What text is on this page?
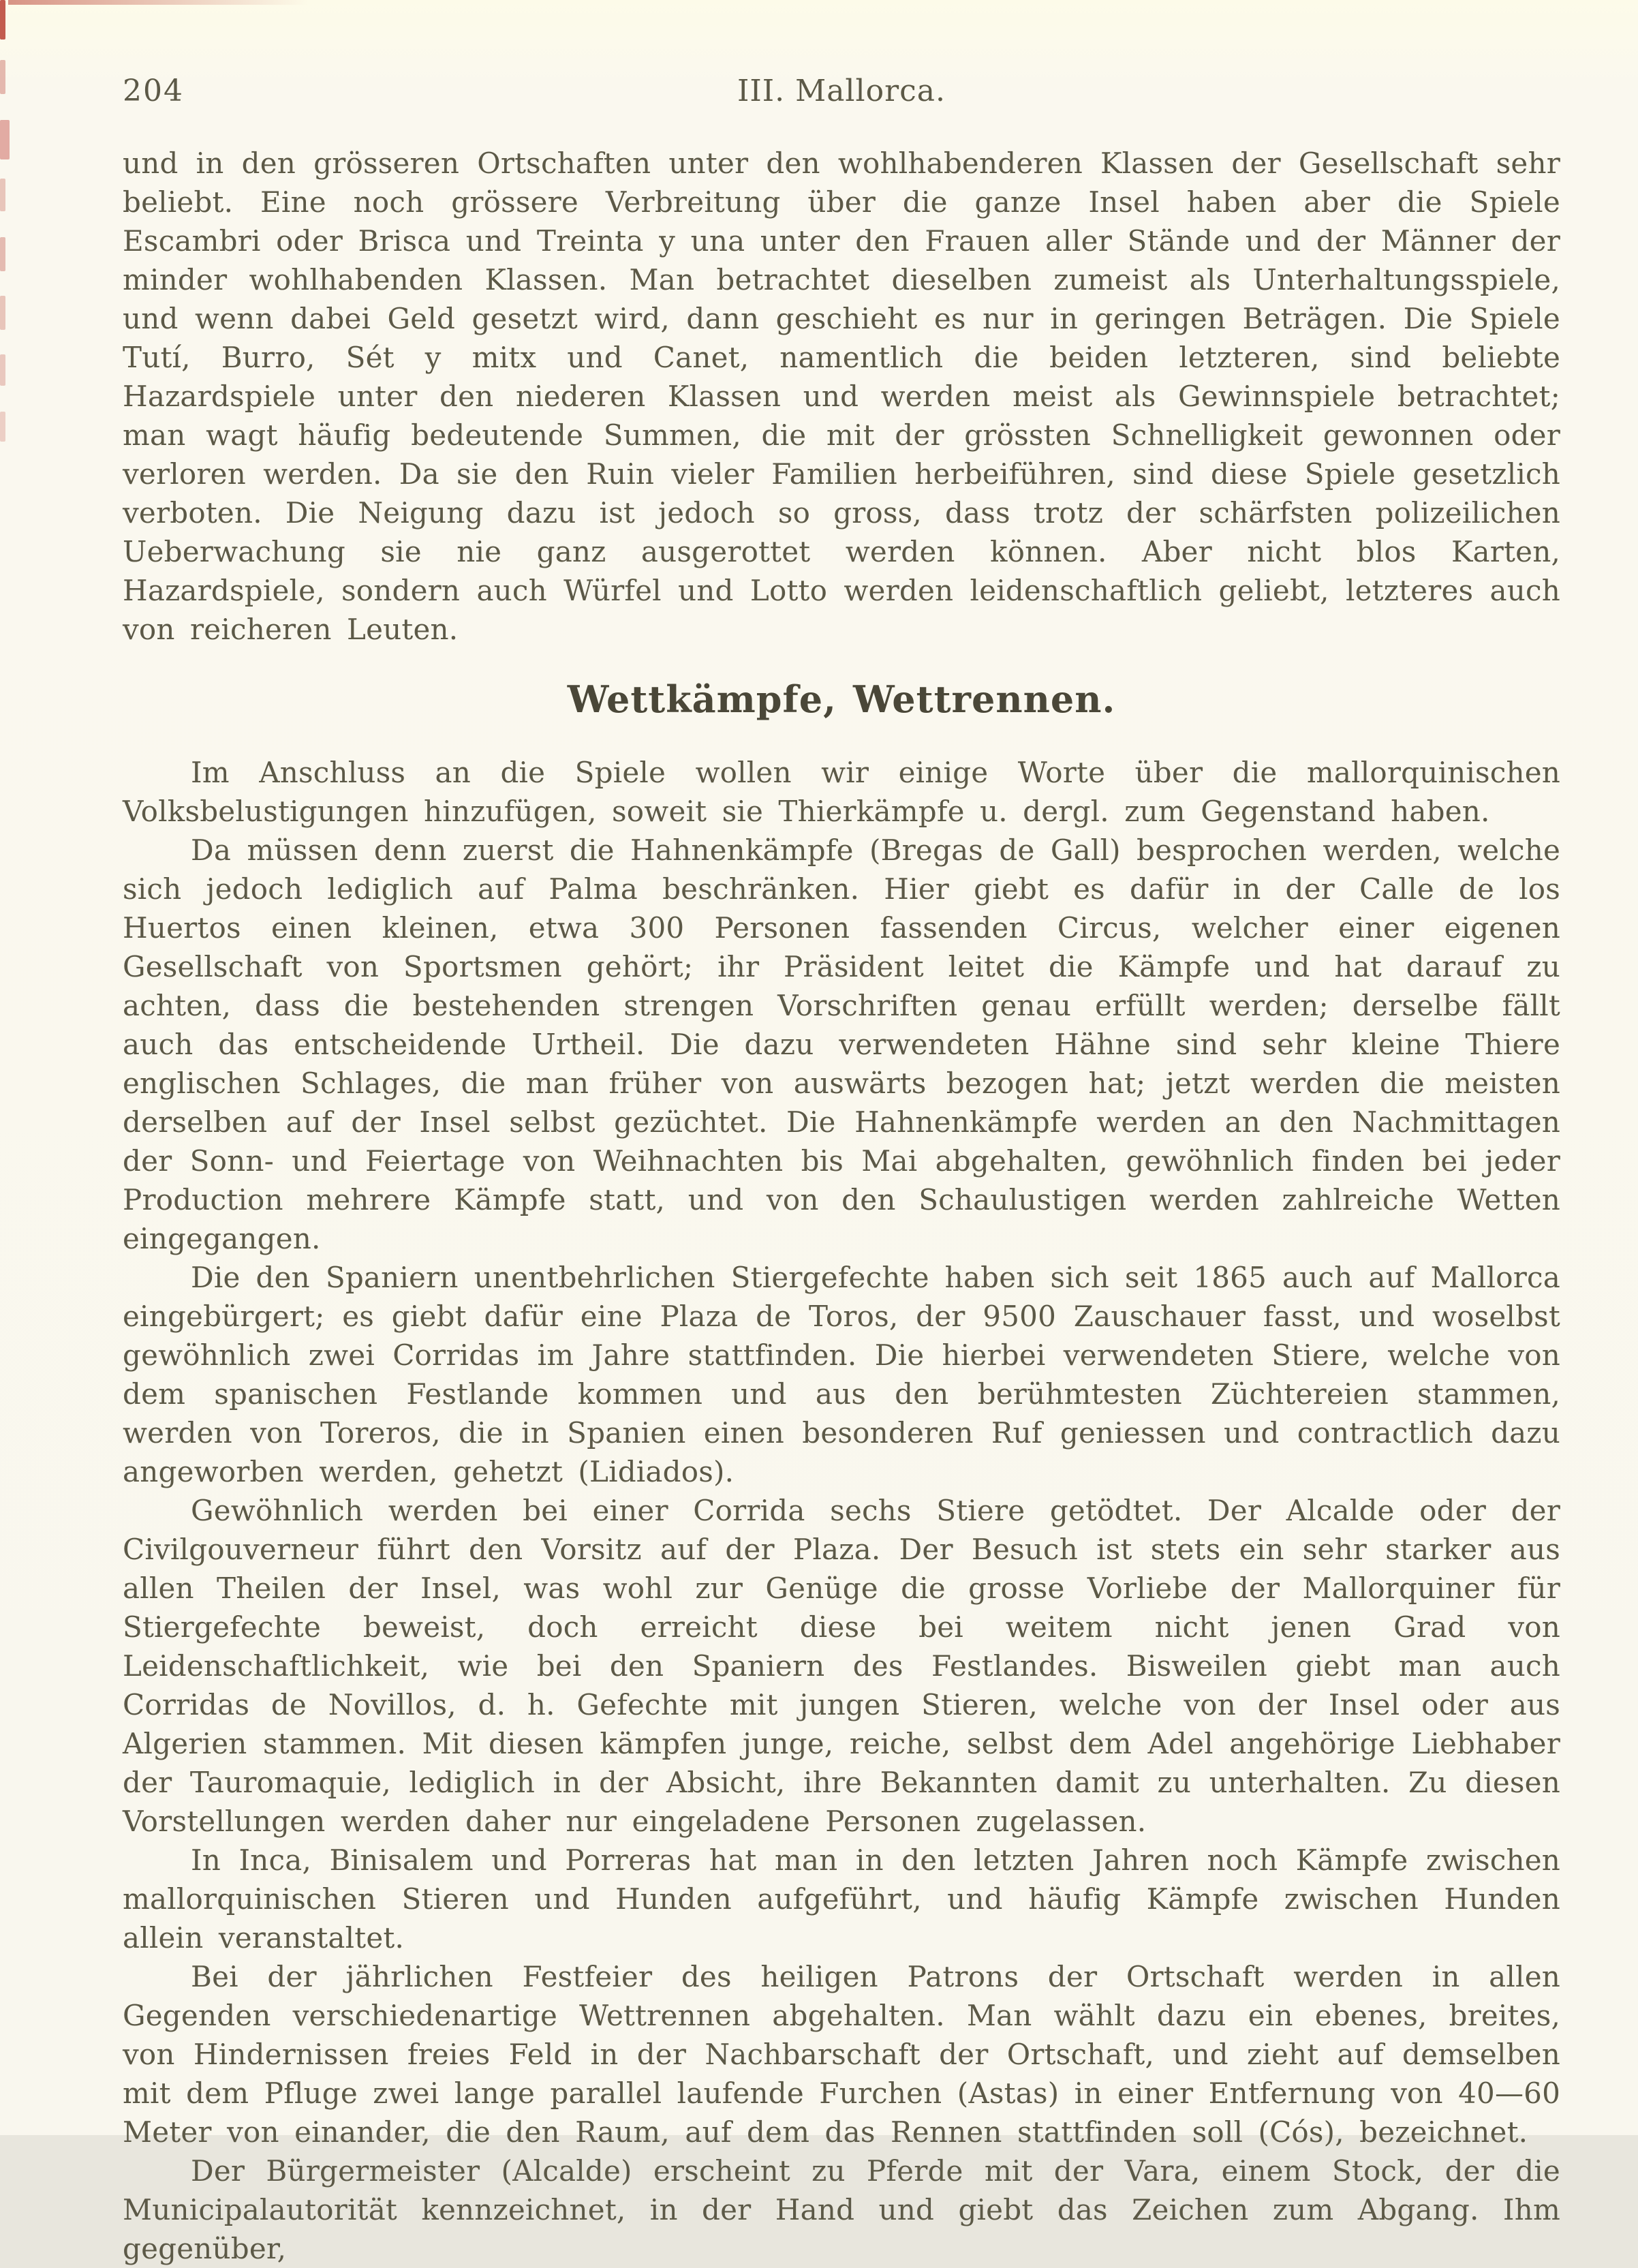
204	III. Mallorca.

und in den grösseren Ortschaften unter den wohlhabenderen Klassen der Gesellschaft sehr beliebt. Eine noch grössere Verbreitung über die ganze Insel haben aber die Spiele Escambri oder Brisca und Treinta y una unter den Frauen aller Stände und der Männer der minder wohlhabenden Klassen. Man betrachtet dieselben zumeist als Unterhaltungsspiele, und wenn dabei Geld gesetzt wird, dann geschieht es nur in geringen Beträgen. Die Spiele Tutí, Burro, Sét y mitx und Canet, namentlich die beiden letzteren, sind beliebte Hazardspiele unter den niederen Klassen und werden meist als Gewinnspiele betrachtet; man wagt häufig bedeutende Summen, die mit der grössten Schnelligkeit gewonnen oder verloren werden. Da sie den Ruin vieler Familien herbeiführen, sind diese Spiele gesetzlich verboten. Die Neigung dazu ist jedoch so gross, dass trotz der schärfsten polizeilichen Ueberwachung sie nie ganz ausgerottet werden können. Aber nicht blos Karten, Hazardspiele, sondern auch Würfel und Lotto werden leidenschaftlich geliebt, letzteres auch von reicheren Leuten.

Wettkämpfe, Wettrennen.

Im Anschluss an die Spiele wollen wir einige Worte über die mallorquinischen Volksbelustigungen hinzufügen, soweit sie Thierkämpfe u. dergl. zum Gegenstand haben.

Da müssen denn zuerst die Hahnenkämpfe (Bregas de Gall) besprochen werden, welche sich jedoch lediglich auf Palma beschränken. Hier giebt es dafür in der Calle de los Huertos einen kleinen, etwa 300 Personen fassenden Circus, welcher einer eigenen Gesellschaft von Sportsmen gehört; ihr Präsident leitet die Kämpfe und hat darauf zu achten, dass die bestehenden strengen Vorschriften genau erfüllt werden; derselbe fällt auch das entscheidende Urtheil. Die dazu verwendeten Hähne sind sehr kleine Thiere englischen Schlages, die man früher von auswärts bezogen hat; jetzt werden die meisten derselben auf der Insel selbst gezüchtet. Die Hahnenkämpfe werden an den Nachmittagen der Sonn- und Feiertage von Weihnachten bis Mai abgehalten, gewöhnlich finden bei jeder Production mehrere Kämpfe statt, und von den Schaulustigen werden zahlreiche Wetten eingegangen.

Die den Spaniern unentbehrlichen Stiergefechte haben sich seit 1865 auch auf Mallorca eingebürgert; es giebt dafür eine Plaza de Toros, der 9500 Zauschauer fasst, und woselbst gewöhnlich zwei Corridas im Jahre stattfinden. Die hierbei verwendeten Stiere, welche von dem spanischen Festlande kommen und aus den berühmtesten Züchtereien stammen, werden von Toreros, die in Spanien einen besonderen Ruf geniessen und contractlich dazu angeworben werden, gehetzt (Lidiados).

Gewöhnlich werden bei einer Corrida sechs Stiere getödtet. Der Alcalde oder der Civilgouverneur führt den Vorsitz auf der Plaza. Der Besuch ist stets ein sehr starker aus allen Theilen der Insel, was wohl zur Genüge die grosse Vorliebe der Mallorquiner für Stiergefechte beweist, doch erreicht diese bei weitem nicht jenen Grad von Leidenschaftlichkeit, wie bei den Spaniern des Festlandes. Bisweilen giebt man auch Corridas de Novillos, d. h. Gefechte mit jungen Stieren, welche von der Insel oder aus Algerien stammen. Mit diesen kämpfen junge, reiche, selbst dem Adel angehörige Liebhaber der Tauromaquie, lediglich in der Absicht, ihre Bekannten damit zu unterhalten. Zu diesen Vorstellungen werden daher nur eingeladene Personen zugelassen.

In Inca, Binisalem und Porreras hat man in den letzten Jahren noch Kämpfe zwischen mallorquinischen Stieren und Hunden aufgeführt, und häufig Kämpfe zwischen Hunden allein veranstaltet.

Bei der jährlichen Festfeier des heiligen Patrons der Ortschaft werden in allen Gegenden verschiedenartige Wettrennen abgehalten. Man wählt dazu ein ebenes, breites, von Hindernissen freies Feld in der Nachbarschaft der Ortschaft, und zieht auf demselben mit dem Pfluge zwei lange parallel laufende Furchen (Astas) in einer Entfernung von 40—60 Meter von einander, die den Raum, auf dem das Rennen stattfinden soll (Cós), bezeichnet.

Der Bürgermeister (Alcalde) erscheint zu Pferde mit der Vara, einem Stock, der die Municipalautorität kennzeichnet, in der Hand und giebt das Zeichen zum Abgang. Ihm gegenüber,
